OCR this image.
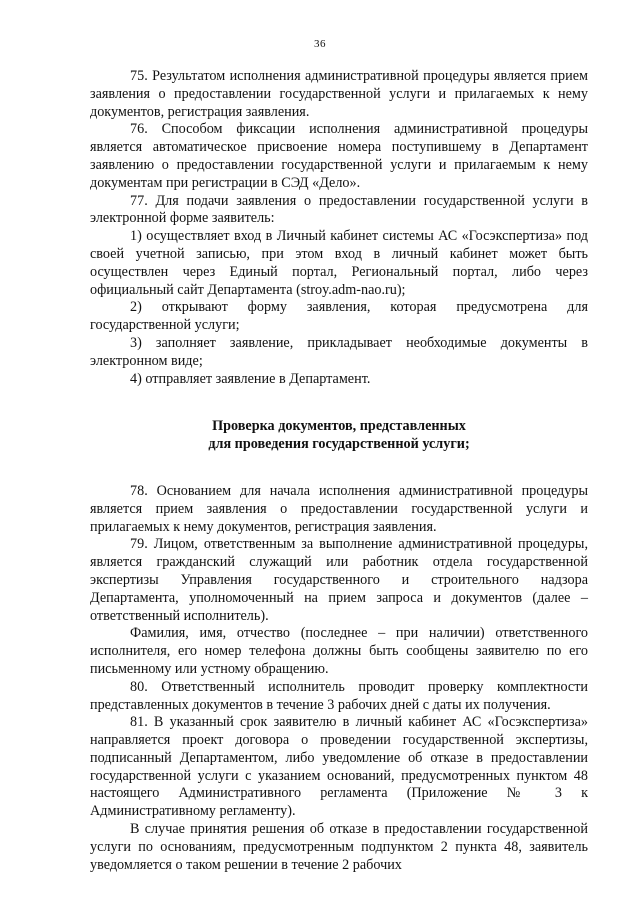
36

75. Результатом исполнения административной процедуры является прием заявления о предоставлении государственной услуги и прилагаемых к нему документов, регистрация заявления.

76. Способом фиксации исполнения административной процедуры является автоматическое присвоение номера поступившему в Департамент заявлению о предоставлении государственной услуги и прилагаемым к нему документам при регистрации в СЭД «Дело».

77. Для подачи заявления о предоставлении государственной услуги в электронной форме заявитель:

1) осуществляет вход в Личный кабинет системы АС «Госэкспертиза» под своей учетной записью, при этом вход в личный кабинет может быть осуществлен через Единый портал, Региональный портал, либо через официальный сайт Департамента (stroy.adm-nao.ru);

2) открывают форму заявления, которая предусмотрена для государственной услуги;

3) заполняет заявление, прикладывает необходимые документы в электронном виде;

4) отправляет заявление в Департамент.

Проверка документов, представленных
для проведения государственной услуги;

78. Основанием для начала исполнения административной процедуры является прием заявления о предоставлении государственной услуги и прилагаемых к нему документов, регистрация заявления.

79. Лицом, ответственным за выполнение административной процедуры, является гражданский служащий или работник отдела государственной экспертизы Управления государственного и строительного надзора Департамента, уполномоченный на прием запроса и документов (далее – ответственный исполнитель).

Фамилия, имя, отчество (последнее – при наличии) ответственного исполнителя, его номер телефона должны быть сообщены заявителю по его письменному или устному обращению.

80. Ответственный исполнитель проводит проверку комплектности представленных документов в течение 3 рабочих дней с даты их получения.

81. В указанный срок заявителю в личный кабинет АС «Госэкспертиза» направляется проект договора о проведении государственной экспертизы, подписанный Департаментом, либо уведомление об отказе в предоставлении государственной услуги с указанием оснований, предусмотренных пунктом 48 настоящего Административного регламента (Приложение № 3 к Административному регламенту).

В случае принятия решения об отказе в предоставлении государственной услуги по основаниям, предусмотренным подпунктом 2 пункта 48, заявитель уведомляется о таком решении в течение 2 рабочих
